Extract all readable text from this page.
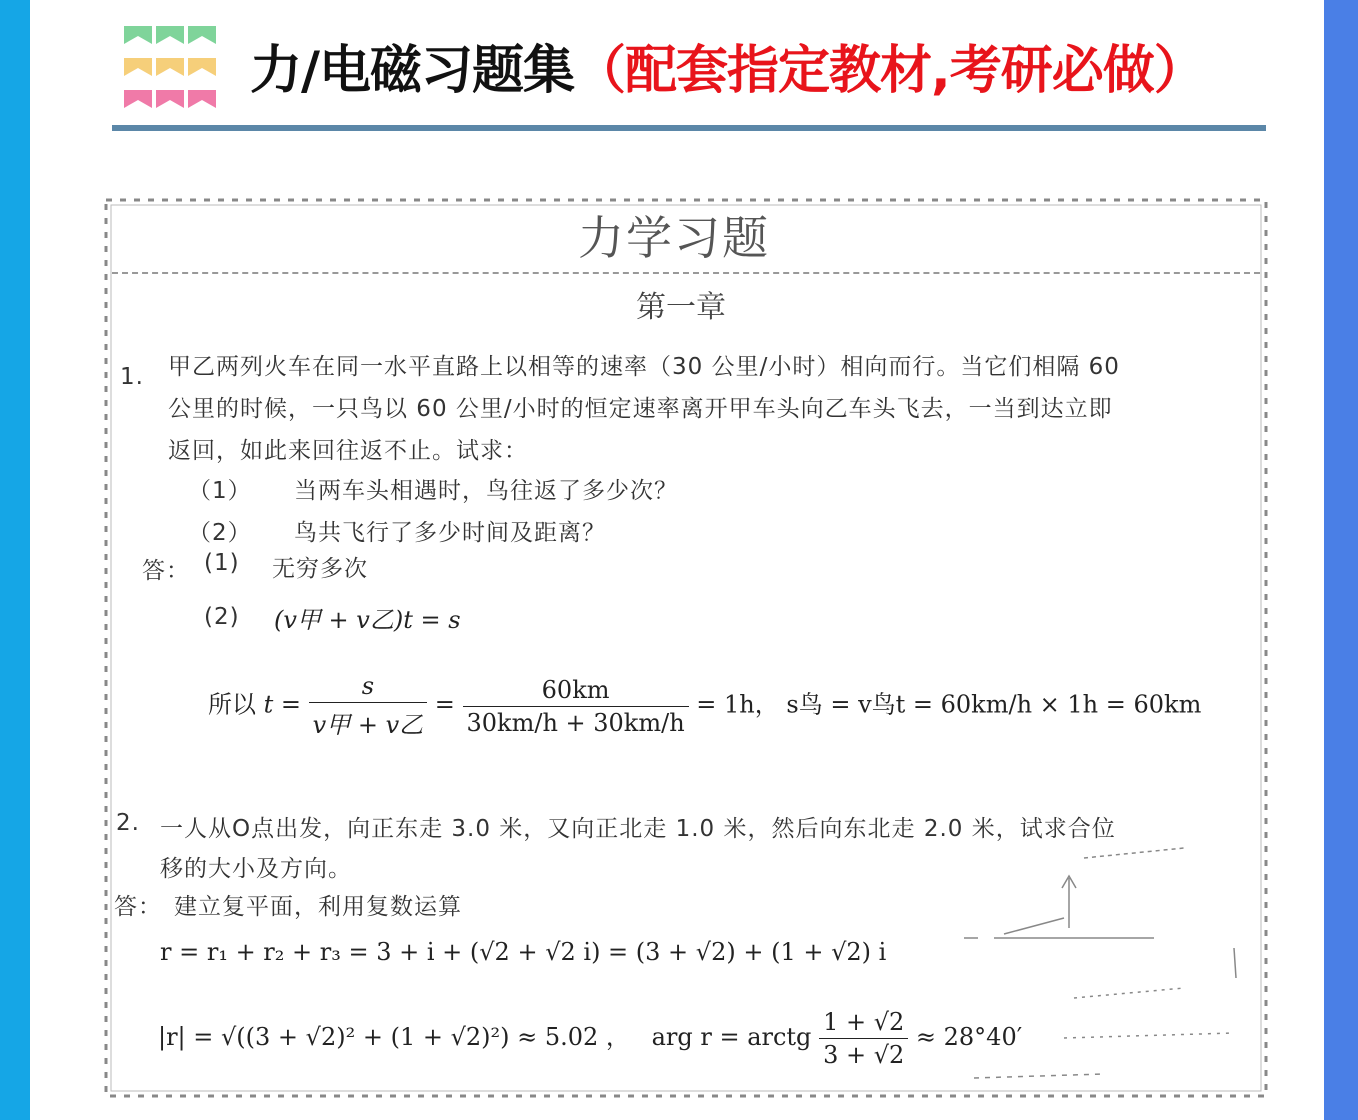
力/电磁习题集（配套指定教材,考研必做）
力学习题
第一章
1. 甲乙两列火车在同一水平直路上以相等的速率（30 公里/小时）相向而行。当它们相隔 60
公里的时候，一只鸟以 60 公里/小时的恒定速率离开甲车头向乙车头飞去，一当到达立即
返回，如此来回往返不止。试求：
（1） 当两车头相遇时，鸟往返了多少次？
（2） 鸟共飞行了多少时间及距离？
答： (1) 无穷多次
(2) (v甲 + v乙)t = s
所以 $t = \frac{s}{\text{v甲 + v乙}} = \frac{60km}{30km/h + 30km/h} = 1h$， s鸟 = v鸟t = 60km/h × 1h = 60km
2. 一人从O点出发，向正东走 3.0 米，又向正北走 1.0 米，然后向东北走 2.0 米，试求合位
移的大小及方向。
答： 建立复平面，利用复数运算
r = r₁ + r₂ + r₃ = 3 + i + (√2 + √2 i) = (3 + √2) + (1 + √2) i
|r| = √((3 + √2)² + (1 + √2)²) ≈ 5.02 ， arg r = arctg $\frac{1 + √2}{3 + √2} \approx 28^\circ 40'$
